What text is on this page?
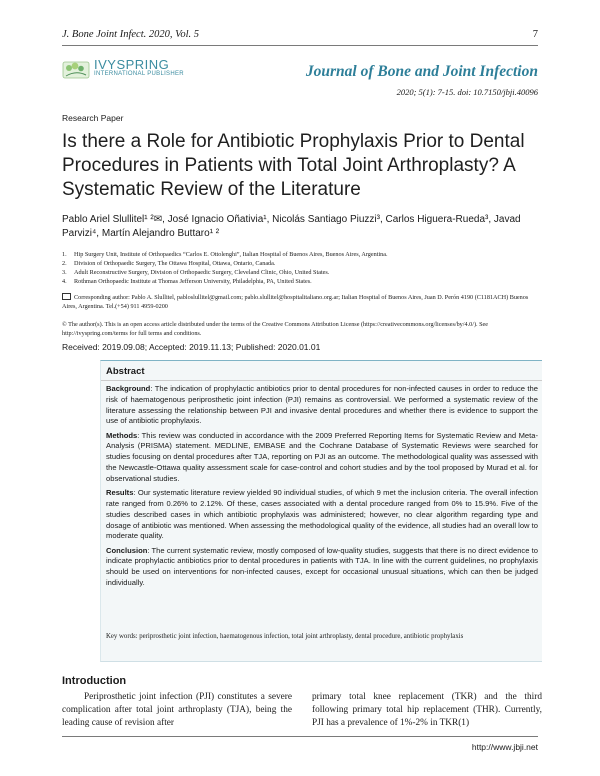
J. Bone Joint Infect. 2020, Vol. 5	7
IVYSPRING
INTERNATIONAL PUBLISHER	Journal of Bone and Joint Infection
2020; 5(1): 7-15. doi: 10.7150/jbji.40096
Research Paper
Is there a Role for Antibiotic Prophylaxis Prior to Dental Procedures in Patients with Total Joint Arthroplasty? A Systematic Review of the Literature
Pablo Ariel Slullitel¹ ²✉, José Ignacio Oñativia¹, Nicolás Santiago Piuzzi³, Carlos Higuera-Rueda³, Javad Parvizi⁴, Martín Alejandro Buttaro¹ ²
1.	Hip Surgery Unit, Institute of Orthopaedics “Carlos E. Ottolenghi”, Italian Hospital of Buenos Aires, Buenos Aires, Argentina.
2.	Division of Orthopaedic Surgery, The Ottawa Hospital, Ottawa, Ontario, Canada.
3.	Adult Reconstructive Surgery, Division of Orthopaedic Surgery, Cleveland Clinic, Ohio, United States.
4.	Rothman Orthopaedic Institute at Thomas Jefferson University, Philadelphia, PA, United States.
Corresponding author: Pablo A. Slullitel, pabloslullitel@gmail.com; pablo.slullitel@hospitalitaliano.org.ar; Italian Hospital of Buenos Aires, Juan D. Perón 4190 (C1181ACH) Buenos Aires, Argentina. Tel.(+54) 911 4959-0200
© The author(s). This is an open access article distributed under the terms of the Creative Commons Attribution License (https://creativecommons.org/licenses/by/4.0/). See http://ivyspring.com/terms for full terms and conditions.
Received: 2019.09.08; Accepted: 2019.11.13; Published: 2020.01.01
Abstract

Background: The indication of prophylactic antibiotics prior to dental procedures for non-infected causes in order to reduce the risk of haematogenous periprosthetic joint infection (PJI) remains as controversial. We performed a systematic review of the literature assessing the relationship between PJI and invasive dental procedures and whether there is evidence to support the use of antibiotic prophylaxis.

Methods: This review was conducted in accordance with the 2009 Preferred Reporting Items for Systematic Review and Meta-Analysis (PRISMA) statement. MEDLINE, EMBASE and the Cochrane Database of Systematic Reviews were searched for studies focusing on dental procedures after TJA, reporting on PJI as an outcome. The methodological quality was assessed with the Newcastle-Ottawa quality assessment scale for case-control and cohort studies and by the tool proposed by Murad et al. for observational studies.

Results: Our systematic literature review yielded 90 individual studies, of which 9 met the inclusion criteria. The overall infection rate ranged from 0.26% to 2.12%. Of these, cases associated with a dental procedure ranged from 0% to 15.9%. Five of the studies described cases in which antibiotic prophylaxis was administered; however, no clear algorithm regarding type and dosage of antibiotic was mentioned. When assessing the methodological quality of the evidence, all studies had an overall low to moderate quality.

Conclusion: The current systematic review, mostly composed of low-quality studies, suggests that there is no direct evidence to indicate prophylactic antibiotics prior to dental procedures in patients with TJA. In line with the current guidelines, no prophylaxis should be used on interventions for non-infected causes, except for occasional unusual situations, which can then be judged individually.

Key words: periprosthetic joint infection, haematogenous infection, total joint arthroplasty, dental procedure, antibiotic prophylaxis
Introduction
Periprosthetic joint infection (PJI) constitutes a severe complication after total joint arthroplasty (TJA), being the leading cause of revision after
primary total knee replacement (TKR) and the third following primary total hip replacement (THR). Currently, PJI has a prevalence of 1%-2% in TKR(1)
http://www.jbji.net
